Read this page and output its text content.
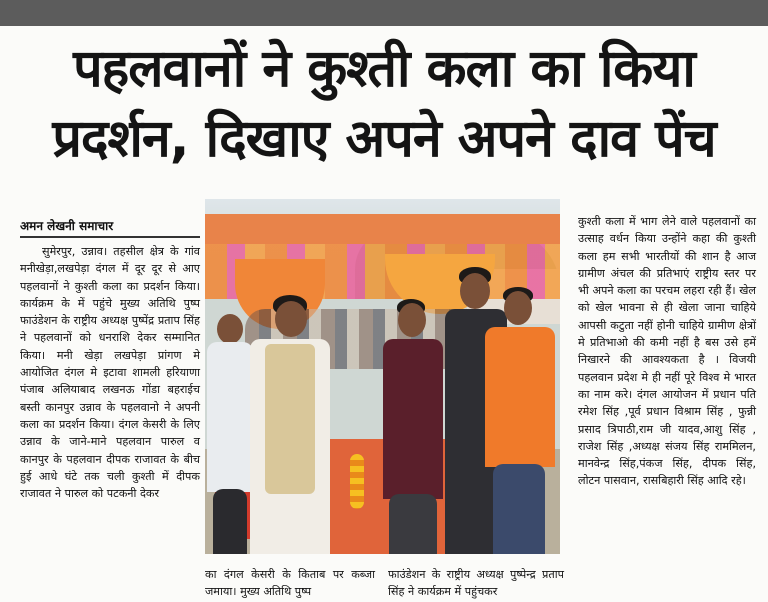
पहलवानों ने कुश्ती कला का किया
प्रदर्शन, दिखाए अपने अपने दाव पेंच
अमन लेखनी समाचार

सुमेरपुर, उन्नाव। तहसील क्षेत्र के गांव मनीखेड़ा,लखपेड़ा दंगल में दूर दूर से आए पहलवानों ने कुश्ती कला का प्रदर्शन किया। कार्यक्रम के में पहुंचे मुख्य अतिथि पुष्प फाउंडेशन के राष्ट्रीय अध्यक्ष पुष्पेंद्र प्रताप सिंह ने पहलवानों को धनराशि देकर सम्मानित किया। मनी खेड़ा लखपेड़ा प्रांगण मे आयोजित दंगल मे इटावा शामली हरियाणा पंजाब अलियाबाद लखनऊ गोंडा बहराईच बस्ती कानपुर उन्नाव के पहलवानो ने अपनी कला का प्रदर्शन किया। दंगल केसरी के लिए उन्नाव के जाने-माने पहलवान पारुल व कानपुर के पहलवान दीपक राजावत के बीच हुई आधे घंटे तक चली कुश्ती में दीपक राजावत ने पारुल को पटकनी देकर

का दंगल केसरी के किताब पर कब्जा जमाया। मुख्य अतिथि पुष्प

फाउंडेशन के राष्ट्रीय अध्यक्ष पुष्पेन्द्र प्रताप सिंह ने कार्यक्रम में पहुंचकर

कुश्ती कला में भाग लेने वाले पहलवानों का उत्साह वर्धन किया उन्होंने कहा की कुश्ती कला हम सभी भारतीयों की शान है आज ग्रामीण अंचल की प्रतिभाएं राष्ट्रीय स्तर पर भी अपने कला का परचम लहरा रही हैं। खेल को खेल भावना से ही खेला जाना चाहिये आपसी कटुता नहीं होनी चाहिये ग्रामीण क्षेत्रों मे प्रतिभाओ की कमी नहीं है बस उसे हमें निखारने की आवश्यकता है । विजयी पहलवान प्रदेश मे ही नहीं पूरे विश्व मे भारत का नाम करे। दंगल आयोजन में प्रधान पति रमेश सिंह ,पूर्व प्रधान विश्राम सिंह , फुन्नी प्रसाद त्रिपाठी,राम जी यादव,आशु सिंह , राजेश सिंह ,अध्यक्ष संजय सिंह राममिलन, मानवेन्द्र सिंह,पंकज सिंह, दीपक सिंह, लोटन पासवान, रासबिहारी सिंह आदि रहे।
